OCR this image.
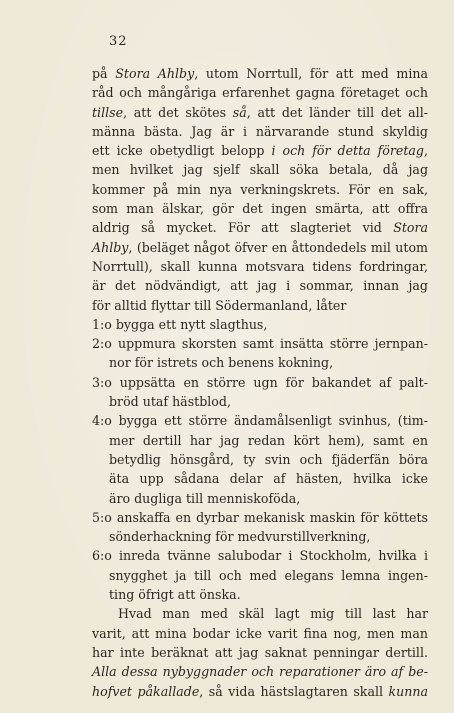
32
på Stora Ahlby, utom Norrtull, för att med mina
råd och mångåriga erfarenhet gagna företaget och
tillse, att det skötes så, att det länder till det all-
männa bästa. Jag är i närvarande stund skyldig
ett icke obetydligt belopp i och för detta företag,
men hvilket jag sjelf skall söka betala, då jag
kommer på min nya verkningskrets. För en sak,
som man älskar, gör det ingen smärta, att offra
aldrig så mycket. För att slagteriet vid Stora
Ahlby, (beläget något öfver en åttondedels mil utom
Norrtull), skall kunna motsvara tidens fordringar,
är det nödvändigt, att jag i sommar, innan jag
för alltid flyttar till Södermanland, låter
1:o bygga ett nytt slagthus,
2:o uppmura skorsten samt insätta större jernpan-
nor för istrets och benens kokning,
3:o uppsätta en större ugn för bakandet af palt-
bröd utaf hästblod,
4:o bygga ett större ändamålsenligt svinhus, (tim-
mer dertill har jag redan kört hem), samt en
betydlig hönsgård, ty svin och fjäderfän böra
äta upp sådana delar af hästen, hvilka icke
äro dugliga till menniskoföda,
5:o anskaffa en dyrbar mekanisk maskin för köttets
sönderhackning för medvurstillverkning,
6:o inreda tvänne salubodar i Stockholm, hvilka i
snygghet ja till och med elegans lemna ingen-
ting öfrigt att önska.
Hvad man med skäl lagt mig till last har
varit, att mina bodar icke varit fina nog, men man
har inte beräknat att jag saknat penningar dertill.
Alla dessa nybyggnader och reparationer äro af be-
hofvet påkallade, så vida hästslagtaren skall kunna
